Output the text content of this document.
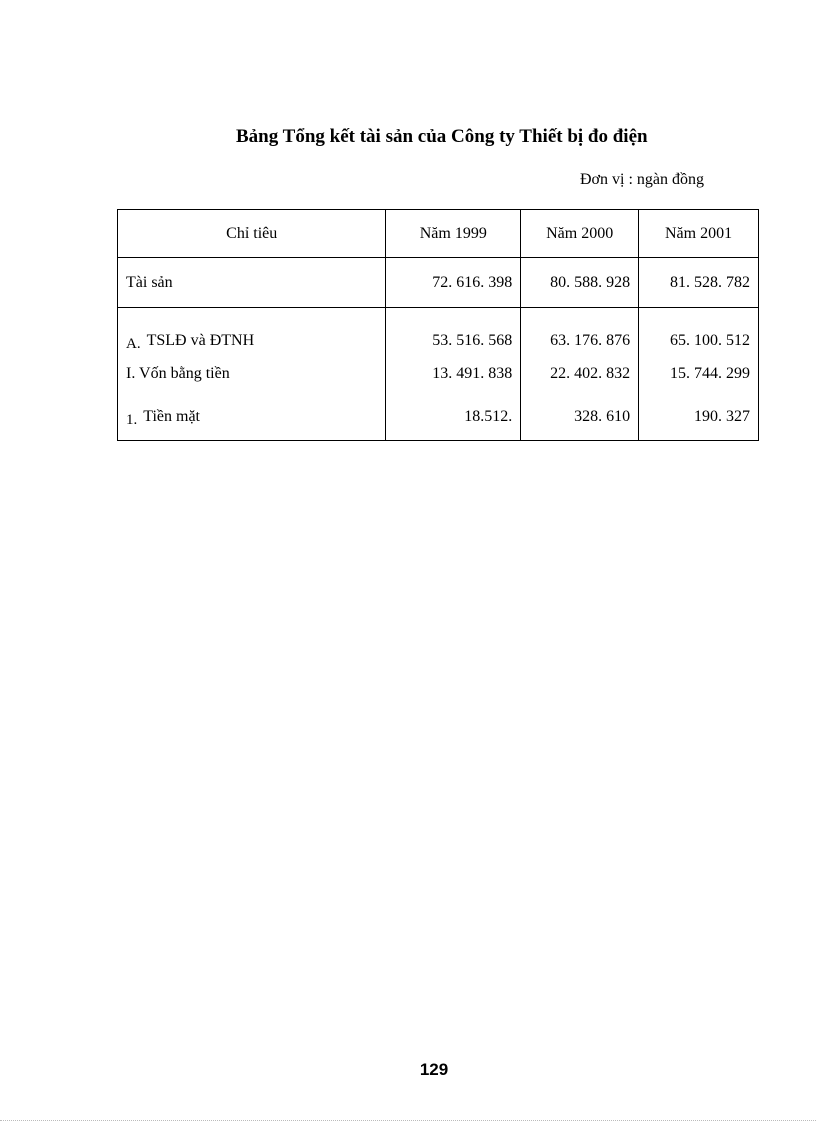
Bảng Tổng kết tài sản của Công ty Thiết bị đo điện
Đơn vị : ngàn đồng
Chỉ tiêu	Năm 1999	Năm 2000	Năm 2001
Tài sản	72. 616. 398	80. 588. 928	81. 528. 782
A. TSLĐ và ĐTNH	53. 516. 568	63. 176. 876	65. 100. 512
I. Vốn bằng tiền	13. 491. 838	22. 402. 832	15. 744. 299
1. Tiền mặt	18.512.	328. 610	190. 327
129
